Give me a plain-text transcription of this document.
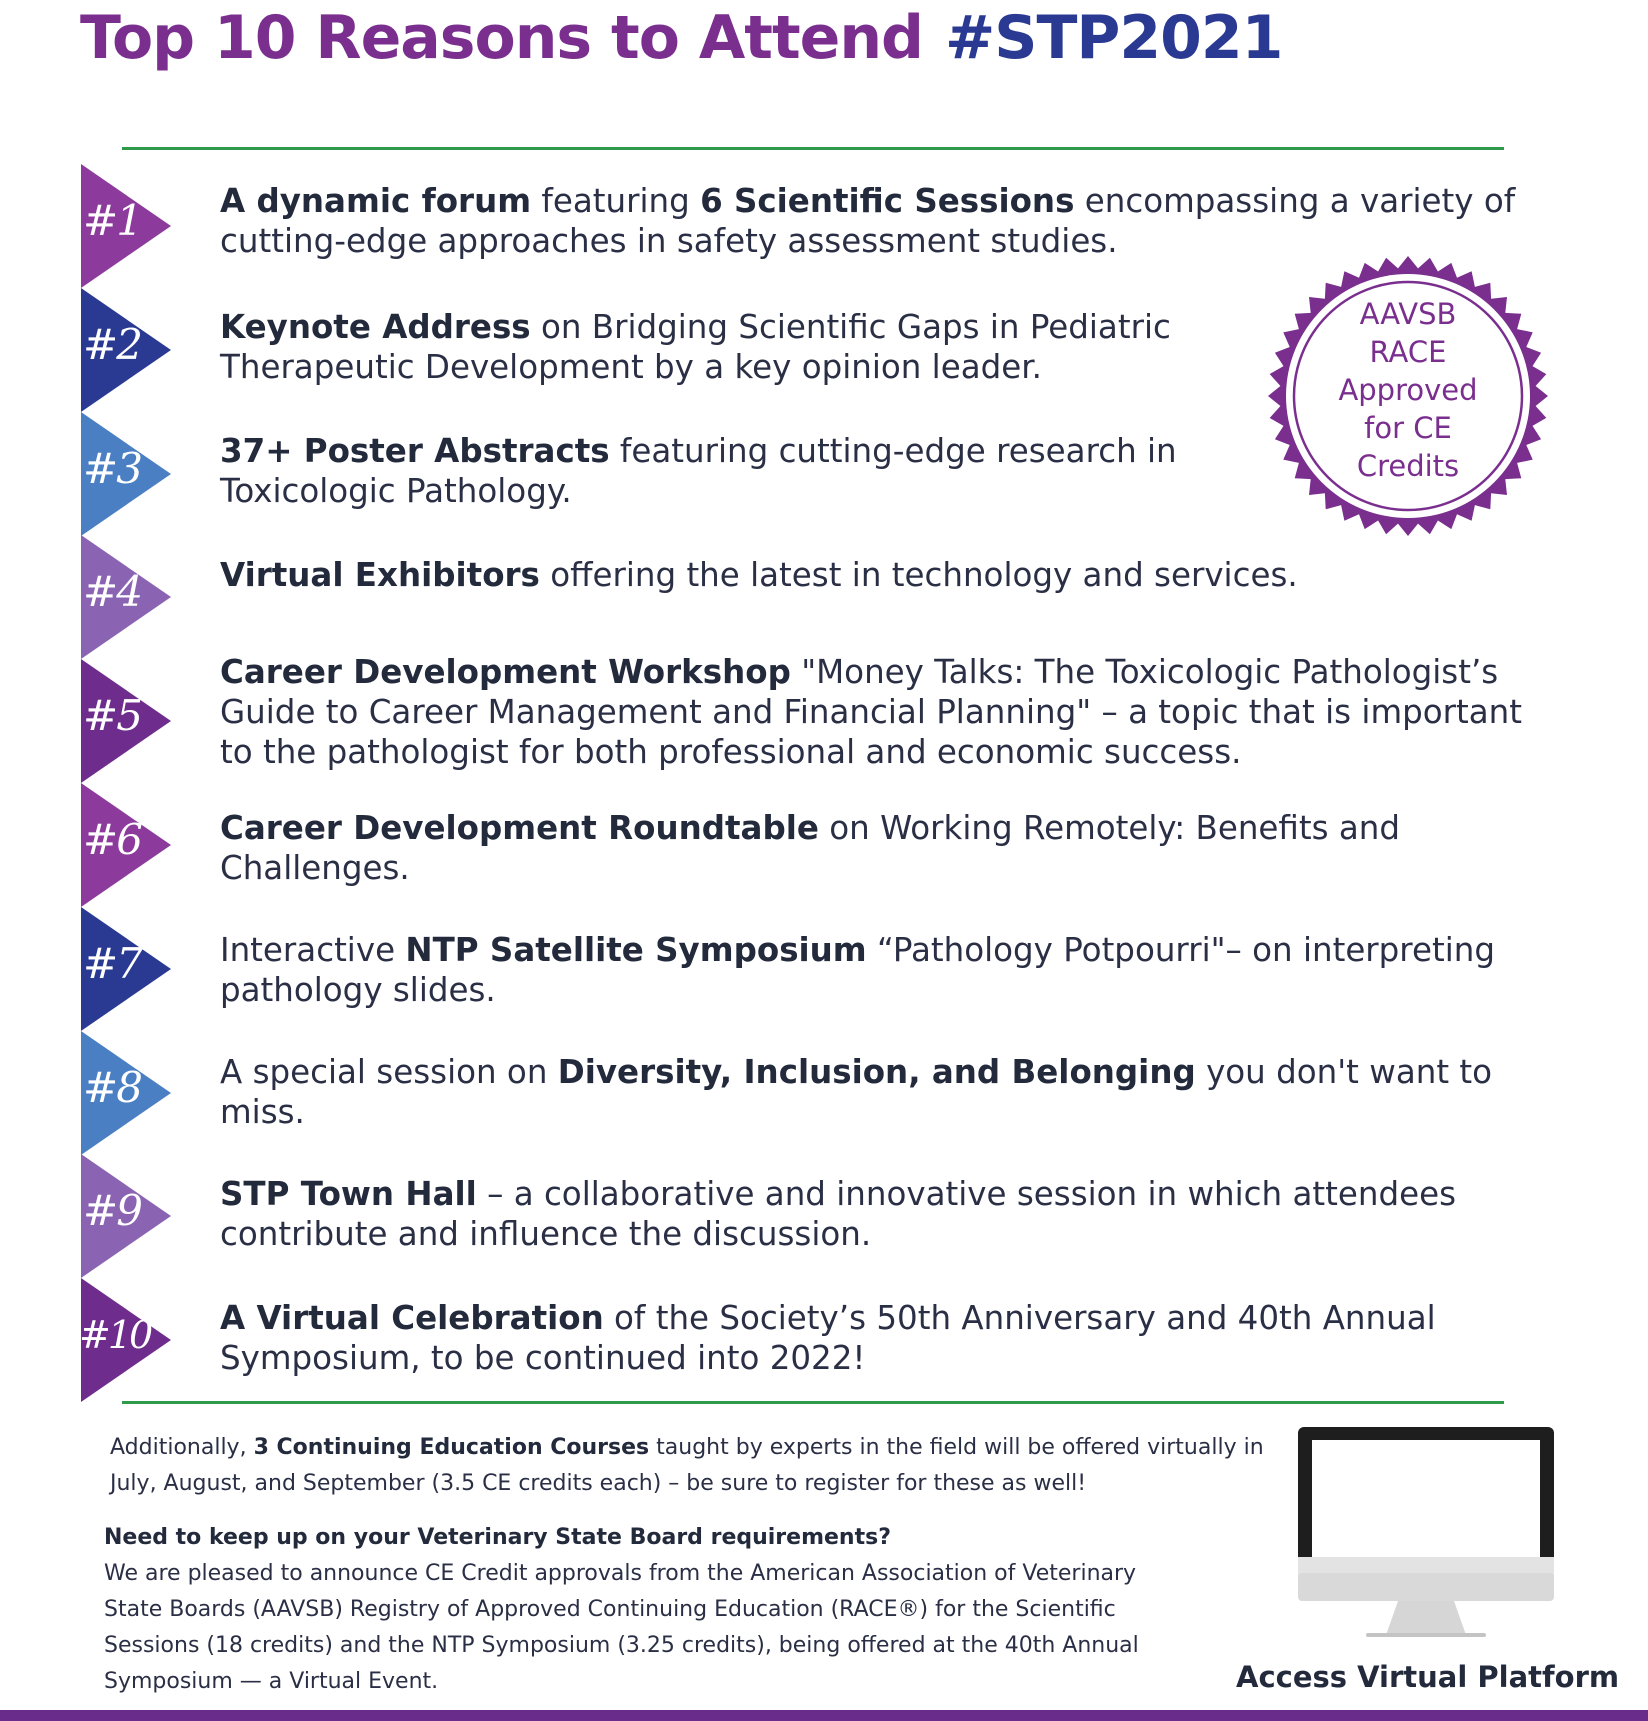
Top 10 Reasons to Attend #STP2021
#1
#2
#3
#4
#5
#6
#7
#8
#9
#10
A dynamic forum featuring 6 Scientific Sessions encompassing a variety of cutting-edge approaches in safety assessment studies.
Keynote Address on Bridging Scientific Gaps in Pediatric Therapeutic Development by a key opinion leader.
37+ Poster Abstracts featuring cutting-edge research in Toxicologic Pathology.
Virtual Exhibitors offering the latest in technology and services.
Career Development Workshop "Money Talks: The Toxicologic Pathologist’s Guide to Career Management and Financial Planning" – a topic that is important to the pathologist for both professional and economic success.
Career Development Roundtable on Working Remotely: Benefits and Challenges.
Interactive NTP Satellite Symposium “Pathology Potpourri"– on interpreting pathology slides.
A special session on Diversity, Inclusion, and Belonging you don't want to miss.
STP Town Hall – a collaborative and innovative session in which attendees contribute and influence the discussion.
A Virtual Celebration of the Society’s 50th Anniversary and 40th Annual Symposium, to be continued into 2022!
AAVSB
RACE
Approved
for CE
Credits
Additionally, 3 Continuing Education Courses taught by experts in the field will be offered virtually in July, August, and September (3.5 CE credits each) – be sure to register for these as well!
Need to keep up on your Veterinary State Board requirements?
We are pleased to announce CE Credit approvals from the American Association of Veterinary State Boards (AAVSB) Registry of Approved Continuing Education (RACE®) for the Scientific Sessions (18 credits) and the NTP Symposium (3.25 credits), being offered at the 40th Annual Symposium — a Virtual Event.	Access Virtual Platform
